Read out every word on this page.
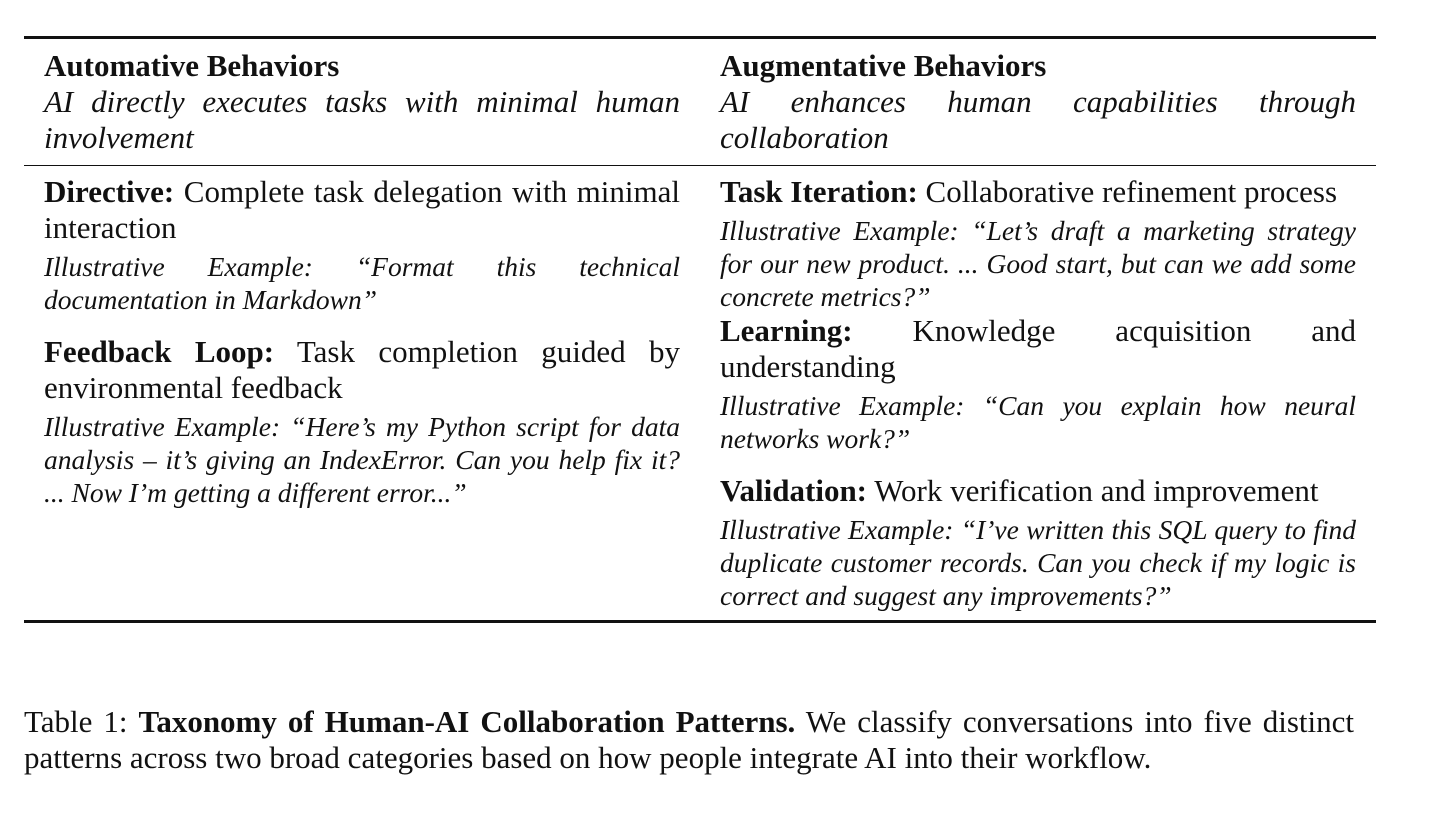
Automative Behaviors
AI directly executes tasks with minimal human involvement
Augmentative Behaviors
AI enhances human capabilities through collaboration
Directive: Complete task delegation with minimal interaction
Illustrative Example: “Format this technical documentation in Markdown”
Feedback Loop: Task completion guided by environmental feedback
Illustrative Example: “Here’s my Python script for data analysis – it’s giving an IndexError. Can you help fix it? ... Now I’m getting a different error...”
Task Iteration: Collaborative refinement process
Illustrative Example: “Let’s draft a marketing strategy for our new product. ... Good start, but can we add some concrete metrics?”
Learning: Knowledge acquisition and understanding
Illustrative Example: “Can you explain how neural networks work?”
Validation: Work verification and improvement
Illustrative Example: “I’ve written this SQL query to find duplicate customer records. Can you check if my logic is correct and suggest any improvements?”
Table 1: Taxonomy of Human-AI Collaboration Patterns. We classify conversations into five distinct patterns across two broad categories based on how people integrate AI into their workflow.
